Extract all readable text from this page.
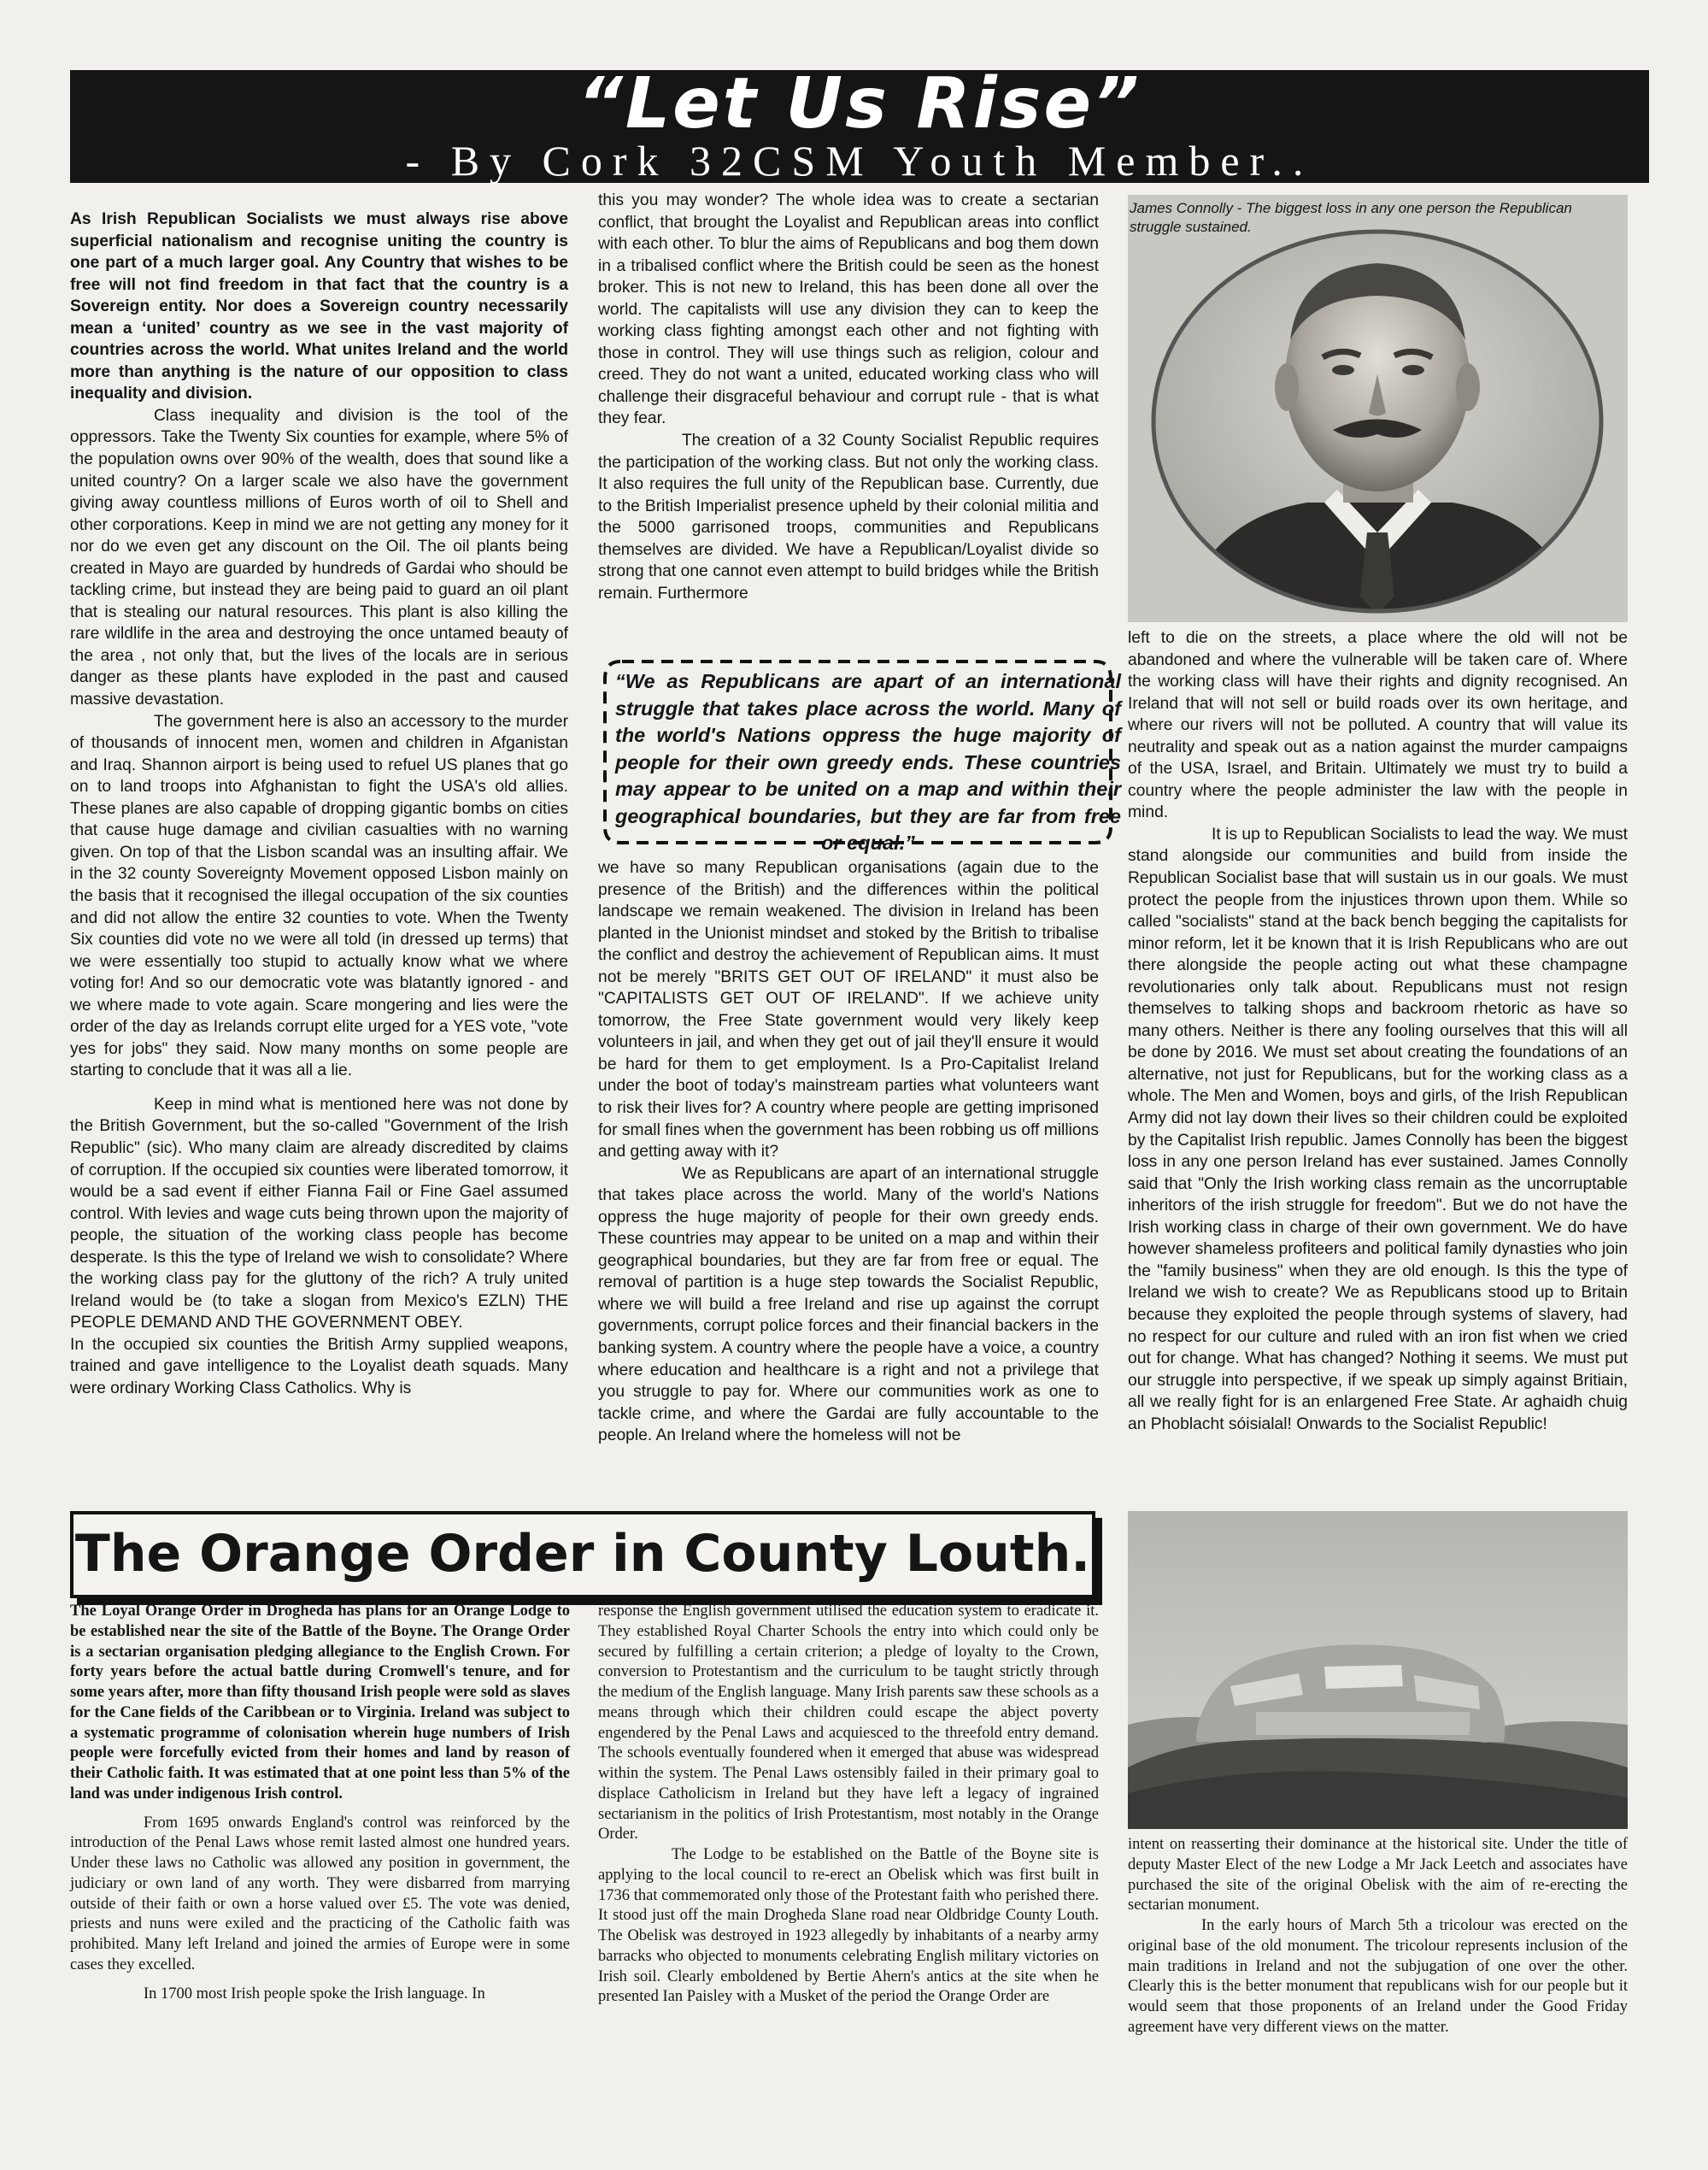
“Let Us Rise”
- By Cork 32CSM Youth Member..

As Irish Republican Socialists we must always rise above superficial nationalism and recognise uniting the country is one part of a much larger goal. Any Country that wishes to be free will not find freedom in that fact that the country is a Sovereign entity. Nor does a Sovereign country necessarily mean a ‘united’ country as we see in the vast majority of countries across the world. What unites Ireland and the world more than anything is the nature of our opposition to class inequality and division.

Class inequality and division is the tool of the oppressors. Take the Twenty Six counties for example, where 5% of the population owns over 90% of the wealth, does that sound like a united country? On a larger scale we also have the government giving away countless millions of Euros worth of oil to Shell and other corporations. Keep in mind we are not getting any money for it nor do we even get any discount on the Oil. The oil plants being created in Mayo are guarded by hundreds of Gardai who should be tackling crime, but instead they are being paid to guard an oil plant that is stealing our natural resources. This plant is also killing the rare wildlife in the area and destroying the once untamed beauty of the area , not only that, but the lives of the locals are in serious danger as these plants have exploded in the past and caused massive devastation.

The government here is also an accessory to the murder of thousands of innocent men, women and children in Afganistan and Iraq. Shannon airport is being used to refuel US planes that go on to land troops into Afghanistan to fight the USA's old allies. These planes are also capable of dropping gigantic bombs on cities that cause huge damage and civilian casualties with no warning given. On top of that the Lisbon scandal was an insulting affair. We in the 32 county Sovereignty Movement opposed Lisbon mainly on the basis that it recognised the illegal occupation of the six counties and did not allow the entire 32 counties to vote. When the Twenty Six counties did vote no we were all told (in dressed up terms) that we were essentially too stupid to actually know what we where voting for! And so our democratic vote was blatantly ignored - and we where made to vote again. Scare mongering and lies were the order of the day as Irelands corrupt elite urged for a YES vote, "vote yes for jobs" they said. Now many months on some people are starting to conclude that it was all a lie.

Keep in mind what is mentioned here was not done by the British Government, but the so-called "Government of the Irish Republic" (sic). Who many claim are already discredited by claims of corruption. If the occupied six counties were liberated tomorrow, it would be a sad event if either Fianna Fail or Fine Gael assumed control. With levies and wage cuts being thrown upon the majority of people, the situation of the working class people has become desperate. Is this the type of Ireland we wish to consolidate? Where the working class pay for the gluttony of the rich? A truly united Ireland would be (to take a slogan from Mexico's EZLN) THE PEOPLE DEMAND AND THE GOVERNMENT OBEY.

In the occupied six counties the British Army supplied weapons, trained and gave intelligence to the Loyalist death squads. Many were ordinary Working Class Catholics. Why is

this you may wonder? The whole idea was to create a sectarian conflict, that brought the Loyalist and Republican areas into conflict with each other. To blur the aims of Republicans and bog them down in a tribalised conflict where the British could be seen as the honest broker. This is not new to Ireland, this has been done all over the world. The capitalists will use any division they can to keep the working class fighting amongst each other and not fighting with those in control. They will use things such as religion, colour and creed. They do not want a united, educated working class who will challenge their disgraceful behaviour and corrupt rule - that is what they fear.

The creation of a 32 County Socialist Republic requires the participation of the working class. But not only the working class. It also requires the full unity of the Republican base. Currently, due to the British Imperialist presence upheld by their colonial militia and the 5000 garrisoned troops, communities and Republicans themselves are divided. We have a Republican/Loyalist divide so strong that one cannot even attempt to build bridges while the British remain. Furthermore

“We as Republicans are apart of an international struggle that takes place across the world. Many of the world's Nations oppress the huge majority of people for their own greedy ends. These countries may appear to be united on a map and within their geographical boundaries, but they are far from free or equal.”

we have so many Republican organisations (again due to the presence of the British) and the differences within the political landscape we remain weakened. The division in Ireland has been planted in the Unionist mindset and stoked by the British to tribalise the conflict and destroy the achievement of Republican aims. It must not be merely "BRITS GET OUT OF IRELAND" it must also be "CAPITALISTS GET OUT OF IRELAND". If we achieve unity tomorrow, the Free State government would very likely keep volunteers in jail, and when they get out of jail they'll ensure it would be hard for them to get employment. Is a Pro-Capitalist Ireland under the boot of today's mainstream parties what volunteers want to risk their lives for? A country where people are getting imprisoned for small fines when the government has been robbing us off millions and getting away with it?

We as Republicans are apart of an international struggle that takes place across the world. Many of the world's Nations oppress the huge majority of people for their own greedy ends. These countries may appear to be united on a map and within their geographical boundaries, but they are far from free or equal. The removal of partition is a huge step towards the Socialist Republic, where we will build a free Ireland and rise up against the corrupt governments, corrupt police forces and their financial backers in the banking system. A country where the people have a voice, a country where education and healthcare is a right and not a privilege that you struggle to pay for. Where our communities work as one to tackle crime, and where the Gardai are fully accountable to the people. An Ireland where the homeless will not be

James Connolly - The biggest loss in any one person the Republican struggle sustained.

left to die on the streets, a place where the old will not be abandoned and where the vulnerable will be taken care of. Where the working class will have their rights and dignity recognised. An Ireland that will not sell or build roads over its own heritage, and where our rivers will not be polluted. A country that will value its neutrality and speak out as a nation against the murder campaigns of the USA, Israel, and Britain. Ultimately we must try to build a country where the people administer the law with the people in mind.

It is up to Republican Socialists to lead the way. We must stand alongside our communities and build from inside the Republican Socialist base that will sustain us in our goals. We must protect the people from the injustices thrown upon them. While so called "socialists" stand at the back bench begging the capitalists for minor reform, let it be known that it is Irish Republicans who are out there alongside the people acting out what these champagne revolutionaries only talk about. Republicans must not resign themselves to talking shops and backroom rhetoric as have so many others. Neither is there any fooling ourselves that this will all be done by 2016. We must set about creating the foundations of an alternative, not just for Republicans, but for the working class as a whole. The Men and Women, boys and girls, of the Irish Republican Army did not lay down their lives so their children could be exploited by the Capitalist Irish republic. James Connolly has been the biggest loss in any one person Ireland has ever sustained. James Connolly said that "Only the Irish working class remain as the uncorruptable inheritors of the irish struggle for freedom". But we do not have the Irish working class in charge of their own government. We do have however shameless profiteers and political family dynasties who join the "family business" when they are old enough. Is this the type of Ireland we wish to create? We as Republicans stood up to Britain because they exploited the people through systems of slavery, had no respect for our culture and ruled with an iron fist when we cried out for change. What has changed? Nothing it seems. We must put our struggle into perspective, if we speak up simply against Britiain, all we really fight for is an enlargened Free State. Ar aghaidh chuig an Phoblacht sóisialal! Onwards to the Socialist Republic!

The Orange Order in County Louth.

The Loyal Orange Order in Drogheda has plans for an Orange Lodge to be established near the site of the Battle of the Boyne. The Orange Order is a sectarian organisation pledging allegiance to the English Crown. For forty years before the actual battle during Cromwell's tenure, and for some years after, more than fifty thousand Irish people were sold as slaves for the Cane fields of the Caribbean or to Virginia. Ireland was subject to a systematic programme of colonisation wherein huge numbers of Irish people were forcefully evicted from their homes and land by reason of their Catholic faith. It was estimated that at one point less than 5% of the land was under indigenous Irish control.

From 1695 onwards England's control was reinforced by the introduction of the Penal Laws whose remit lasted almost one hundred years. Under these laws no Catholic was allowed any position in government, the judiciary or own land of any worth. They were disbarred from marrying outside of their faith or own a horse valued over £5. The vote was denied, priests and nuns were exiled and the practicing of the Catholic faith was prohibited. Many left Ireland and joined the armies of Europe were in some cases they excelled.

In 1700 most Irish people spoke the Irish language. In

response the English government utilised the education system to eradicate it. They established Royal Charter Schools the entry into which could only be secured by fulfilling a certain criterion; a pledge of loyalty to the Crown, conversion to Protestantism and the curriculum to be taught strictly through the medium of the English language. Many Irish parents saw these schools as a means through which their children could escape the abject poverty engendered by the Penal Laws and acquiesced to the threefold entry demand. The schools eventually foundered when it emerged that abuse was widespread within the system. The Penal Laws ostensibly failed in their primary goal to displace Catholicism in Ireland but they have left a legacy of ingrained sectarianism in the politics of Irish Protestantism, most notably in the Orange Order.

The Lodge to be established on the Battle of the Boyne site is applying to the local council to re-erect an Obelisk which was first built in 1736 that commemorated only those of the Protestant faith who perished there. It stood just off the main Drogheda Slane road near Oldbridge County Louth. The Obelisk was destroyed in 1923 allegedly by inhabitants of a nearby army barracks who objected to monuments celebrating English military victories on Irish soil. Clearly emboldened by Bertie Ahern's antics at the site when he presented Ian Paisley with a Musket of the period the Orange Order are

intent on reasserting their dominance at the historical site. Under the title of deputy Master Elect of the new Lodge a Mr Jack Leetch and associates have purchased the site of the original Obelisk with the aim of re-erecting the sectarian monument.

In the early hours of March 5th a tricolour was erected on the original base of the old monument. The tricolour represents inclusion of the main traditions in Ireland and not the subjugation of one over the other. Clearly this is the better monument that republicans wish for our people but it would seem that those proponents of an Ireland under the Good Friday agreement have very different views on the matter.
